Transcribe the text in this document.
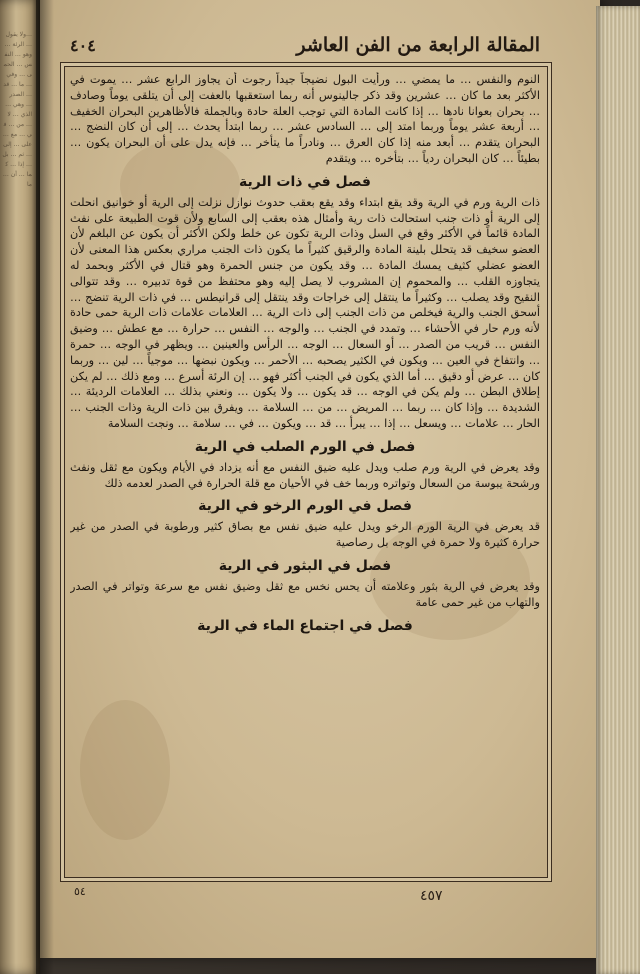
…ولا يقول … الرئة … وهو … النفس … الحمى … وفي … ما … قد … الصدر … وهي … الذي … لا … من … في … مع … على … إلى … ثم … بل … إذا … كما … أن … ما
المقالة الرابعة من الفن العاشر
٤٠٤

النوم والنفس … ما يمضي … ورأيت البول نضيجاً جيداً رجوت أن يجاوز الرابع عشر … يموت في الأكثر بعد ما كان … عشرين وقد ذكر جالينوس أنه ربما استعقبها بالعفت إلى أن يتلقى يوماً وصادف … بحران بعوانا نادها … إذا كانت المادة التي توجب العلة حادة وبالجملة فالأظاهرين البحران الخفيف … أربعة عشر يوماً وربما امتد إلى … السادس عشر … ربما ابتدأ يحدث … إلى أن كان النضج … البحران يتقدم … أبعد منه إذا كان العرق … ونادراً ما يتأخر … فإنه يدل على أن البحران يكون … بطيئاً … كان البحران ردياً … بتأخره … ويتقدم

فصل في ذات الرية

ذات الرية ورم في الرية وقد يقع ابتداء وقد يقع بعقب حدوث نوازل نزلت إلى الرية أو خوانيق انحلت إلى الرية أو ذات جنب استحالت ذات رية وأمثال هذه بعقب إلى السابع ولأن قوت الطبيعة على نفث المادة قائماً في الأكثر وقع في السل وذات الرية تكون عن خلط ولكن الأكثر أن يكون عن البلغم لأن العضو سخيف قد يتحلل بلينة المادة والرقيق كثيراً ما يكون ذات الجنب مراري بعكس هذا المعنى لأن العضو عضلي كثيف يمسك المادة … وقد يكون من جنس الحمرة وهو قتال في الأكثر وبحمد له يتجاوزه القلب … والمحموم إن المشروب لا يصل إليه وهو محتفظ من قوة تدبيره … وقد تتوالى النقيح وقد يصلب … وكثيراً ما ينتقل إلى خراجات وقد ينتقل إلى قرانيطس … في ذات الرية تنضج … أسحق الجنب والرية فيخلص من ذات الجنب إلى ذات الرية … العلامات علامات ذات الرية حمى حادة لأنه ورم حار في الأحشاء … وتمدد في الجنب … والوجه … النفس … حرارة … مع عطش … وضيق النفس … قريب من الصدر … أو السعال … الوجه … الرأس والعينين … ويظهر في الوجه … حمرة … وانتفاخ في العين … ويكون في الكثير يصحبه … الأحمر … ويكون نبضها … موجياً … لين … وربما كان … عرض أو دقيق … أما الذي يكون في الجنب أكثر فهو … إن الرئة أسرع … ومع ذلك … لم يكن إطلاق البطن … ولم يكن في الوجه … قد يكون … ولا يكون … ونعني بذلك … العلامات الرديئة … الشديدة … وإذا كان … ربما … المريض … من … السلامة … ويفرق بين ذات الرية وذات الجنب … الحار … علامات … ويسعل … إذا … يبرأ … قد … ويكون … في … سلامة … ونجت السلامة

فصل في الورم الصلب في الرية

وقد يعرض في الرية ورم صلب ويدل عليه ضيق النفس مع أنه يزداد في الأيام ويكون مع ثقل ونفث ورشحة يبوسة من السعال وتواتره وربما خف في الأحيان مع قلة الحرارة في الصدر لعدمه ذلك

فصل في الورم الرخو في الرية

قد يعرض في الرية الورم الرخو ويدل عليه ضيق نفس مع بصاق كثير ورطوبة في الصدر من غير حرارة كثيرة ولا حمرة في الوجه بل رصاصية

فصل في البثور في الرية

وقد يعرض في الرية بثور وعلامته أن يحس نخس مع ثقل وضيق نفس مع سرعة وتواتر في الصدر والتهاب من غير حمى عامة

فصل في اجتماع الماء في الرية
٥٤	٤٥٧
